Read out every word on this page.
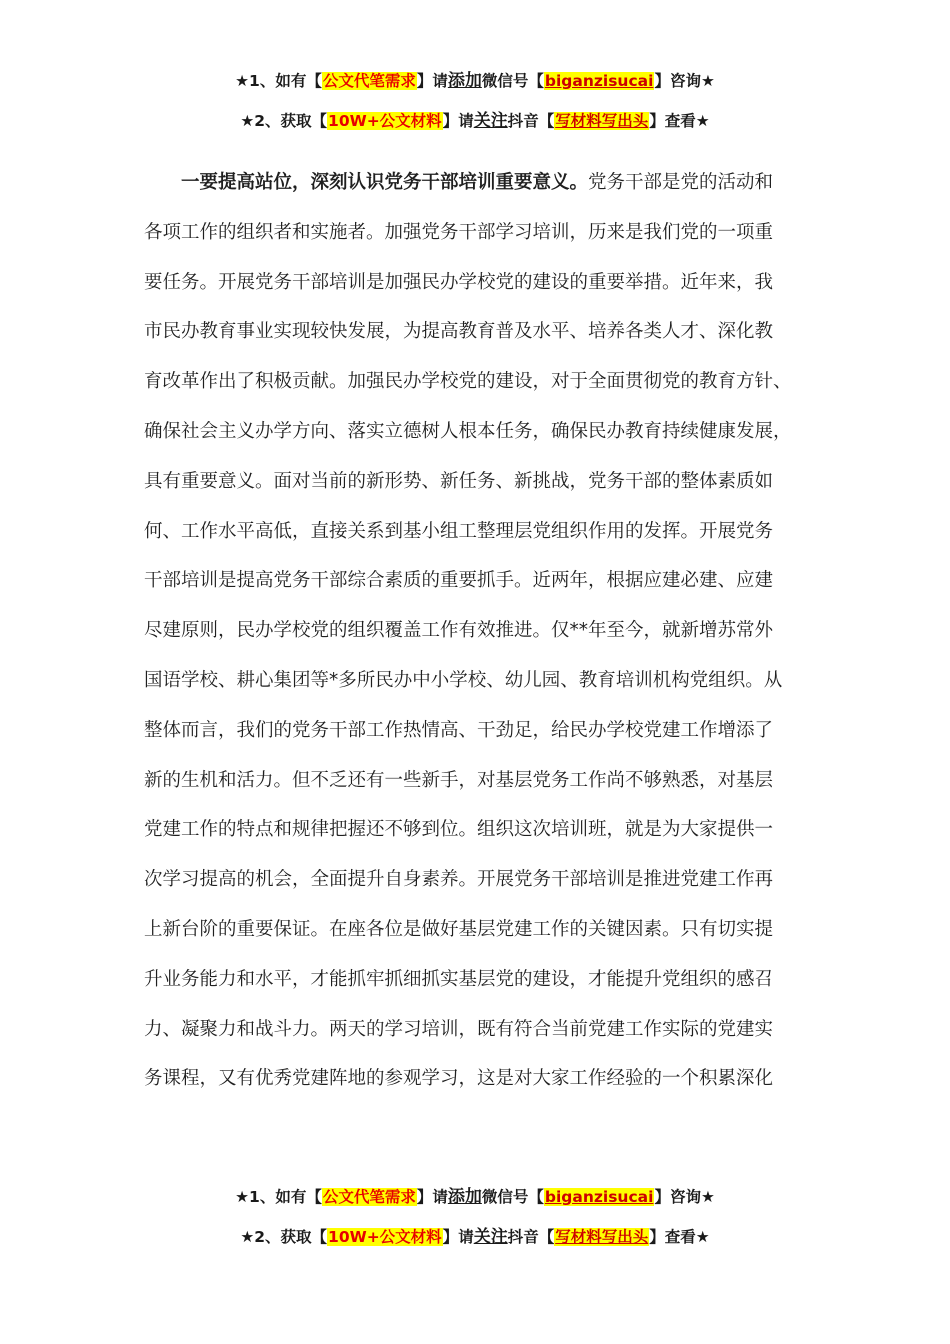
★1、如有【公文代笔需求】请添加微信号【biganzisucai】咨询★
★2、获取【10W+公文材料】请关注抖音【写材料写出头】查看★
一要提高站位，深刻认识党务干部培训重要意义。党务干部是党的活动和
各项工作的组织者和实施者。加强党务干部学习培训，历来是我们党的一项重
要任务。开展党务干部培训是加强民办学校党的建设的重要举措。近年来，我
市民办教育事业实现较快发展，为提高教育普及水平、培养各类人才、深化教
育改革作出了积极贡献。加强民办学校党的建设，对于全面贯彻党的教育方针、
确保社会主义办学方向、落实立德树人根本任务，确保民办教育持续健康发展，
具有重要意义。面对当前的新形势、新任务、新挑战，党务干部的整体素质如
何、工作水平高低，直接关系到基小组工整理层党组织作用的发挥。开展党务
干部培训是提高党务干部综合素质的重要抓手。近两年，根据应建必建、应建
尽建原则，民办学校党的组织覆盖工作有效推进。仅**年至今，就新增苏常外
国语学校、耕心集团等*多所民办中小学校、幼儿园、教育培训机构党组织。从
整体而言，我们的党务干部工作热情高、干劲足，给民办学校党建工作增添了
新的生机和活力。但不乏还有一些新手，对基层党务工作尚不够熟悉，对基层
党建工作的特点和规律把握还不够到位。组织这次培训班，就是为大家提供一
次学习提高的机会，全面提升自身素养。开展党务干部培训是推进党建工作再
上新台阶的重要保证。在座各位是做好基层党建工作的关键因素。只有切实提
升业务能力和水平，才能抓牢抓细抓实基层党的建设，才能提升党组织的感召
力、凝聚力和战斗力。两天的学习培训，既有符合当前党建工作实际的党建实
务课程，又有优秀党建阵地的参观学习，这是对大家工作经验的一个积累深化
★1、如有【公文代笔需求】请添加微信号【biganzisucai】咨询★
★2、获取【10W+公文材料】请关注抖音【写材料写出头】查看★
